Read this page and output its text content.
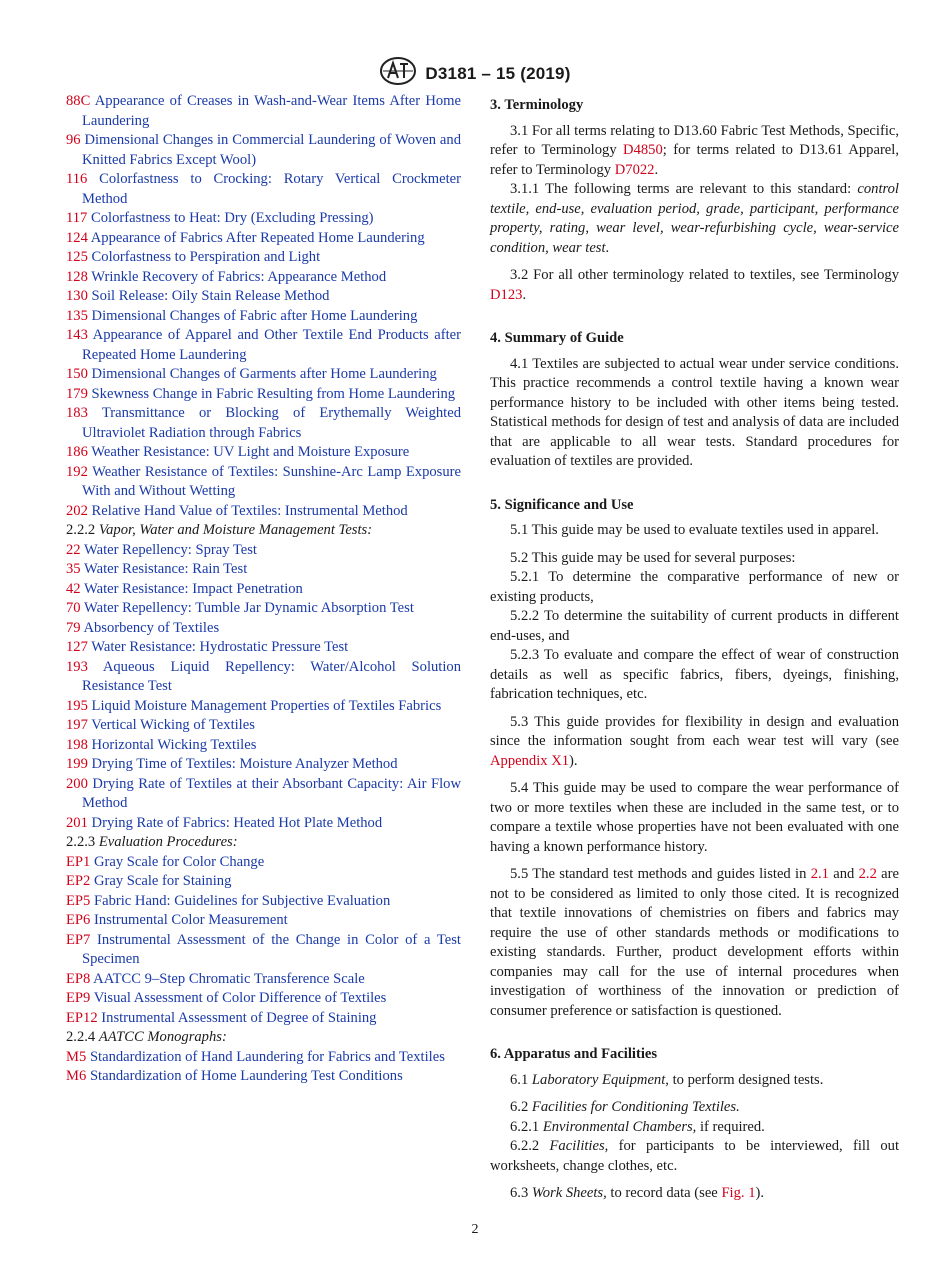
D3181 – 15 (2019)
88C Appearance of Creases in Wash-and-Wear Items After Home Laundering
96 Dimensional Changes in Commercial Laundering of Woven and Knitted Fabrics Except Wool)
116 Colorfastness to Crocking: Rotary Vertical Crockmeter Method
117 Colorfastness to Heat: Dry (Excluding Pressing)
124 Appearance of Fabrics After Repeated Home Laundering
125 Colorfastness to Perspiration and Light
128 Wrinkle Recovery of Fabrics: Appearance Method
130 Soil Release: Oily Stain Release Method
135 Dimensional Changes of Fabric after Home Laundering
143 Appearance of Apparel and Other Textile End Products after Repeated Home Laundering
150 Dimensional Changes of Garments after Home Laundering
179 Skewness Change in Fabric Resulting from Home Laundering
183 Transmittance or Blocking of Erythemally Weighted Ultraviolet Radiation through Fabrics
186 Weather Resistance: UV Light and Moisture Exposure
192 Weather Resistance of Textiles: Sunshine-Arc Lamp Exposure With and Without Wetting
202 Relative Hand Value of Textiles: Instrumental Method
2.2.2 Vapor, Water and Moisture Management Tests:
22 Water Repellency: Spray Test
35 Water Resistance: Rain Test
42 Water Resistance: Impact Penetration
70 Water Repellency: Tumble Jar Dynamic Absorption Test
79 Absorbency of Textiles
127 Water Resistance: Hydrostatic Pressure Test
193 Aqueous Liquid Repellency: Water/Alcohol Solution Resistance Test
195 Liquid Moisture Management Properties of Textiles Fabrics
197 Vertical Wicking of Textiles
198 Horizontal Wicking Textiles
199 Drying Time of Textiles: Moisture Analyzer Method
200 Drying Rate of Textiles at their Absorbant Capacity: Air Flow Method
201 Drying Rate of Fabrics: Heated Hot Plate Method
2.2.3 Evaluation Procedures:
EP1 Gray Scale for Color Change
EP2 Gray Scale for Staining
EP5 Fabric Hand: Guidelines for Subjective Evaluation
EP6 Instrumental Color Measurement
EP7 Instrumental Assessment of the Change in Color of a Test Specimen
EP8 AATCC 9–Step Chromatic Transference Scale
EP9 Visual Assessment of Color Difference of Textiles
EP12 Instrumental Assessment of Degree of Staining
2.2.4 AATCC Monographs:
M5 Standardization of Hand Laundering for Fabrics and Textiles
M6 Standardization of Home Laundering Test Conditions
3. Terminology

3.1 For all terms relating to D13.60 Fabric Test Methods, Specific, refer to Terminology D4850; for terms related to D13.61 Apparel, refer to Terminology D7022.

3.1.1 The following terms are relevant to this standard: control textile, end-use, evaluation period, grade, participant, performance property, rating, wear level, wear-refurbishing cycle, wear-service condition, wear test.

3.2 For all other terminology related to textiles, see Terminology D123.

4. Summary of Guide

4.1 Textiles are subjected to actual wear under service conditions. This practice recommends a control textile having a known wear performance history to be included with other items being tested. Statistical methods for design of test and analysis of data are included that are applicable to all wear tests. Standard procedures for evaluation of textiles are provided.

5. Significance and Use

5.1 This guide may be used to evaluate textiles used in apparel.

5.2 This guide may be used for several purposes:

5.2.1 To determine the comparative performance of new or existing products,

5.2.2 To determine the suitability of current products in different end-uses, and

5.2.3 To evaluate and compare the effect of wear of construction details as well as specific fabrics, fibers, dyeings, finishing, fabrication techniques, etc.

5.3 This guide provides for flexibility in design and evaluation since the information sought from each wear test will vary (see Appendix X1).

5.4 This guide may be used to compare the wear performance of two or more textiles when these are included in the same test, or to compare a textile whose properties have not been evaluated with one having a known performance history.

5.5 The standard test methods and guides listed in 2.1 and 2.2 are not to be considered as limited to only those cited. It is recognized that textile innovations of chemistries on fibers and fabrics may require the use of other standards methods or modifications to existing standards. Further, product development efforts within companies may call for the use of internal procedures when investigation of worthiness of the innovation or prediction of consumer preference or satisfaction is questioned.

6. Apparatus and Facilities

6.1 Laboratory Equipment, to perform designed tests.

6.2 Facilities for Conditioning Textiles.

6.2.1 Environmental Chambers, if required.

6.2.2 Facilities, for participants to be interviewed, fill out worksheets, change clothes, etc.

6.3 Work Sheets, to record data (see Fig. 1).

2
